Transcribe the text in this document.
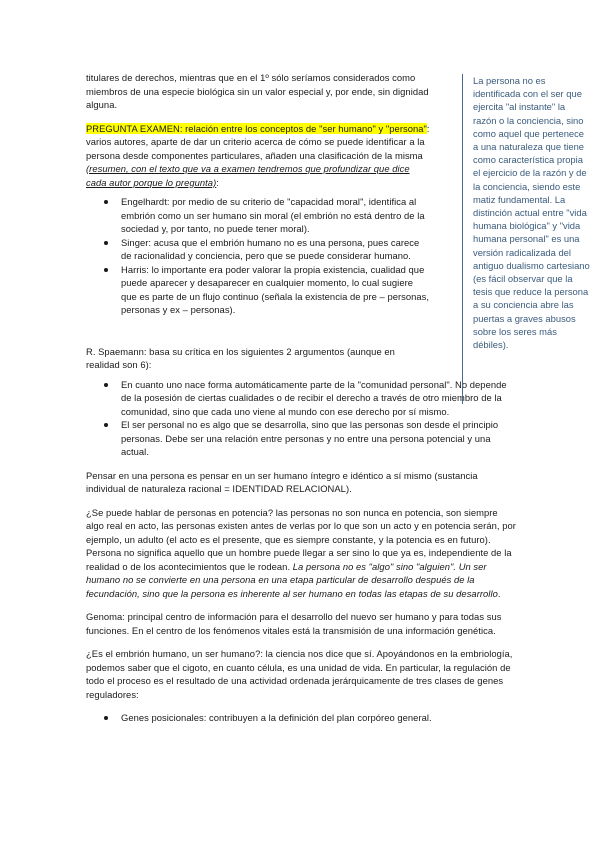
titulares de derechos, mientras que en el 1º sólo seríamos considerados como miembros de una especie biológica sin un valor especial y, por ende, sin dignidad alguna.

PREGUNTA EXAMEN: relación entre los conceptos de "ser humano" y "persona": varios autores, aparte de dar un criterio acerca de cómo se puede identificar a la persona desde componentes particulares, añaden una clasificación de la misma (resumen, con el texto que va a examen tendremos que profundizar que dice cada autor porque lo pregunta):

Engelhardt: por medio de su criterio de "capacidad moral", identifica al embrión como un ser humano sin moral (el embrión no está dentro de la sociedad y, por tanto, no puede tener moral).
Singer: acusa que el embrión humano no es una persona, pues carece de racionalidad y conciencia, pero que se puede considerar humano.
Harris: lo importante era poder valorar la propia existencia, cualidad que puede aparecer y desaparecer en cualquier momento, lo cual sugiere que es parte de un flujo continuo (señala la existencia de pre – personas, personas y ex – personas).

R. Spaemann: basa su crítica en los siguientes 2 argumentos (aunque en realidad son 6):

En cuanto uno nace forma automáticamente parte de la "comunidad personal". No depende de la posesión de ciertas cualidades o de recibir el derecho a través de otro miembro de la comunidad, sino que cada uno viene al mundo con ese derecho por sí mismo.
El ser personal no es algo que se desarrolla, sino que las personas son desde el principio personas. Debe ser una relación entre personas y no entre una persona potencial y una actual.

Pensar en una persona es pensar en un ser humano íntegro e idéntico a sí mismo (sustancia individual de naturaleza racional = IDENTIDAD RELACIONAL).

¿Se puede hablar de personas en potencia? las personas no son nunca en potencia, son siempre algo real en acto, las personas existen antes de verlas por lo que son un acto y en potencia serán, por ejemplo, un adulto (el acto es el presente, que es siempre constante, y la potencia es en futuro). Persona no significa aquello que un hombre puede llegar a ser sino lo que ya es, independiente de la realidad o de los acontecimientos que le rodean. La persona no es "algo" sino "alguien". Un ser humano no se convierte en una persona en una etapa particular de desarrollo después de la fecundación, sino que la persona es inherente al ser humano en todas las etapas de su desarrollo.

Genoma: principal centro de información para el desarrollo del nuevo ser humano y para todas sus funciones. En el centro de los fenómenos vitales está la transmisión de una información genética.

¿Es el embrión humano, un ser humano?: la ciencia nos dice que sí. Apoyándonos en la embriología, podemos saber que el cigoto, en cuanto célula, es una unidad de vida. En particular, la regulación de todo el proceso es el resultado de una actividad ordenada jerárquicamente de tres clases de genes reguladores:

Genes posicionales: contribuyen a la definición del plan corpóreo general.
La persona no es identificada con el ser que ejercita "al instante" la razón o la conciencia, sino como aquel que pertenece a una naturaleza que tiene como característica propia el ejercicio de la razón y de la conciencia, siendo este matiz fundamental. La distinción actual entre "vida humana biológica" y "vida humana personal" es una versión radicalizada del antiguo dualismo cartesiano (es fácil observar que la tesis que reduce la persona a su conciencia abre las puertas a graves abusos sobre los seres más débiles).
